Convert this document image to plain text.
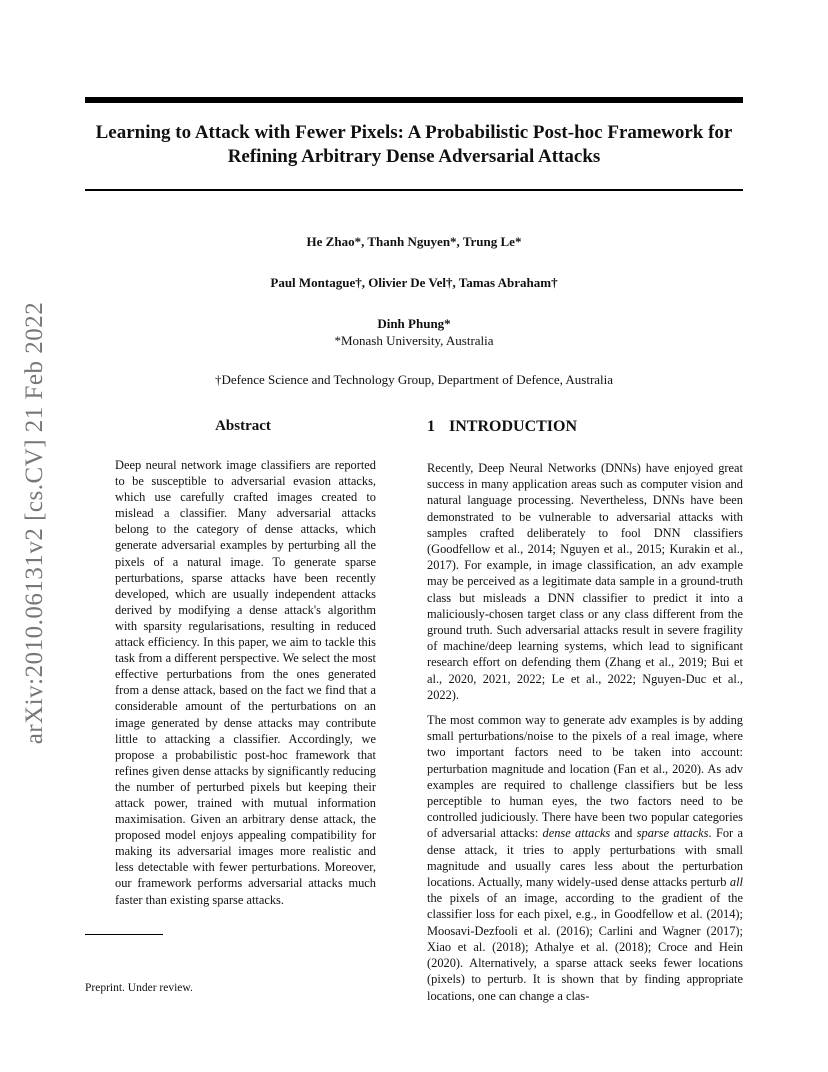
arXiv:2010.06131v2 [cs.CV] 21 Feb 2022
Learning to Attack with Fewer Pixels: A Probabilistic Post-hoc Framework for
Refining Arbitrary Dense Adversarial Attacks
He Zhao*, Thanh Nguyen*, Trung Le*
Paul Montague†, Olivier De Vel†, Tamas Abraham†
Dinh Phung*
*Monash University, Australia
†Defence Science and Technology Group, Department of Defence, Australia
Abstract
Deep neural network image classifiers are reported to be susceptible to adversarial evasion attacks, which use carefully crafted images created to mislead a classifier. Many adversarial attacks belong to the category of dense attacks, which generate adversarial examples by perturbing all the pixels of a natural image. To generate sparse perturbations, sparse attacks have been recently developed, which are usually independent attacks derived by modifying a dense attack's algorithm with sparsity regularisations, resulting in reduced attack efficiency. In this paper, we aim to tackle this task from a different perspective. We select the most effective perturbations from the ones generated from a dense attack, based on the fact we find that a considerable amount of the perturbations on an image generated by dense attacks may contribute little to attacking a classifier. Accordingly, we propose a probabilistic post-hoc framework that refines given dense attacks by significantly reducing the number of perturbed pixels but keeping their attack power, trained with mutual information maximisation. Given an arbitrary dense attack, the proposed model enjoys appealing compatibility for making its adversarial images more realistic and less detectable with fewer perturbations. Moreover, our framework performs adversarial attacks much faster than existing sparse attacks.
1 INTRODUCTION

Recently, Deep Neural Networks (DNNs) have enjoyed great success in many application areas such as computer vision and natural language processing. Nevertheless, DNNs have been demonstrated to be vulnerable to adversarial attacks with samples crafted deliberately to fool DNN classifiers (Goodfellow et al., 2014; Nguyen et al., 2015; Kurakin et al., 2017). For example, in image classification, an adv example may be perceived as a legitimate data sample in a ground-truth class but misleads a DNN classifier to predict it into a maliciously-chosen target class or any class different from the ground truth. Such adversarial attacks result in severe fragility of machine/deep learning systems, which lead to significant research effort on defending them (Zhang et al., 2019; Bui et al., 2020, 2021, 2022; Le et al., 2022; Nguyen-Duc et al., 2022).

The most common way to generate adv examples is by adding small perturbations/noise to the pixels of a real image, where two important factors need to be taken into account: perturbation magnitude and location (Fan et al., 2020). As adv examples are required to challenge classifiers but be less perceptible to human eyes, the two factors need to be controlled judiciously. There have been two popular categories of adversarial attacks: dense attacks and sparse attacks. For a dense attack, it tries to apply perturbations with small magnitude and usually cares less about the perturbation locations. Actually, many widely-used dense attacks perturb all the pixels of an image, according to the gradient of the classifier loss for each pixel, e.g., in Goodfellow et al. (2014); Moosavi-Dezfooli et al. (2016); Carlini and Wagner (2017); Xiao et al. (2018); Athalye et al. (2018); Croce and Hein (2020). Alternatively, a sparse attack seeks fewer locations (pixels) to perturb. It is shown that by finding appropriate locations, one can change a clas-

Preprint. Under review.
